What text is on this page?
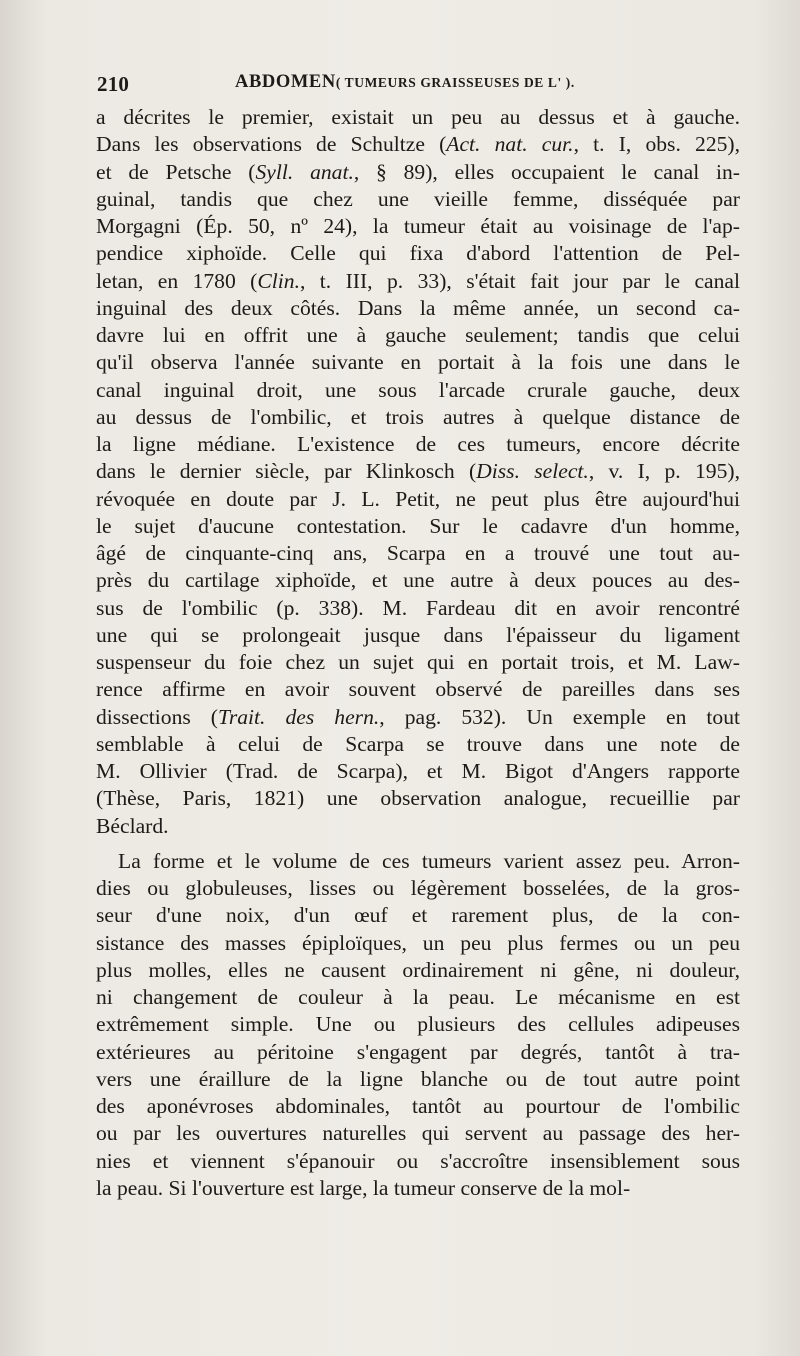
210	ABDOMEN( TUMEURS GRAISSEUSES DE L' ).
a décrites le premier, existait un peu au dessus et à gauche.
Dans les observations de Schultze (Act. nat. cur., t. I, obs. 225),
et de Petsche (Syll. anat., § 89), elles occupaient le canal in-
guinal, tandis que chez une vieille femme, disséquée par
Morgagni (Ép. 50, nº 24), la tumeur était au voisinage de l'ap-
pendice xiphoïde. Celle qui fixa d'abord l'attention de Pel-
letan, en 1780 (Clin., t. III, p. 33), s'était fait jour par le canal
inguinal des deux côtés. Dans la même année, un second ca-
davre lui en offrit une à gauche seulement; tandis que celui
qu'il observa l'année suivante en portait à la fois une dans le
canal inguinal droit, une sous l'arcade crurale gauche, deux
au dessus de l'ombilic, et trois autres à quelque distance de
la ligne médiane. L'existence de ces tumeurs, encore décrite
dans le dernier siècle, par Klinkosch (Diss. select., v. I, p. 195),
révoquée en doute par J. L. Petit, ne peut plus être aujourd'hui
le sujet d'aucune contestation. Sur le cadavre d'un homme,
âgé de cinquante-cinq ans, Scarpa en a trouvé une tout au-
près du cartilage xiphoïde, et une autre à deux pouces au des-
sus de l'ombilic (p. 338). M. Fardeau dit en avoir rencontré
une qui se prolongeait jusque dans l'épaisseur du ligament
suspenseur du foie chez un sujet qui en portait trois, et M. Law-
rence affirme en avoir souvent observé de pareilles dans ses
dissections (Trait. des hern., pag. 532). Un exemple en tout
semblable à celui de Scarpa se trouve dans une note de
M. Ollivier (Trad. de Scarpa), et M. Bigot d'Angers rapporte
(Thèse, Paris, 1821) une observation analogue, recueillie par
Béclard.
La forme et le volume de ces tumeurs varient assez peu. Arron-
dies ou globuleuses, lisses ou légèrement bosselées, de la gros-
seur d'une noix, d'un œuf et rarement plus, de la con-
sistance des masses épiploïques, un peu plus fermes ou un peu
plus molles, elles ne causent ordinairement ni gêne, ni douleur,
ni changement de couleur à la peau. Le mécanisme en est
extrêmement simple. Une ou plusieurs des cellules adipeuses
extérieures au péritoine s'engagent par degrés, tantôt à tra-
vers une éraillure de la ligne blanche ou de tout autre point
des aponévroses abdominales, tantôt au pourtour de l'ombilic
ou par les ouvertures naturelles qui servent au passage des her-
nies et viennent s'épanouir ou s'accroître insensiblement sous
la peau. Si l'ouverture est large, la tumeur conserve de la mol-
